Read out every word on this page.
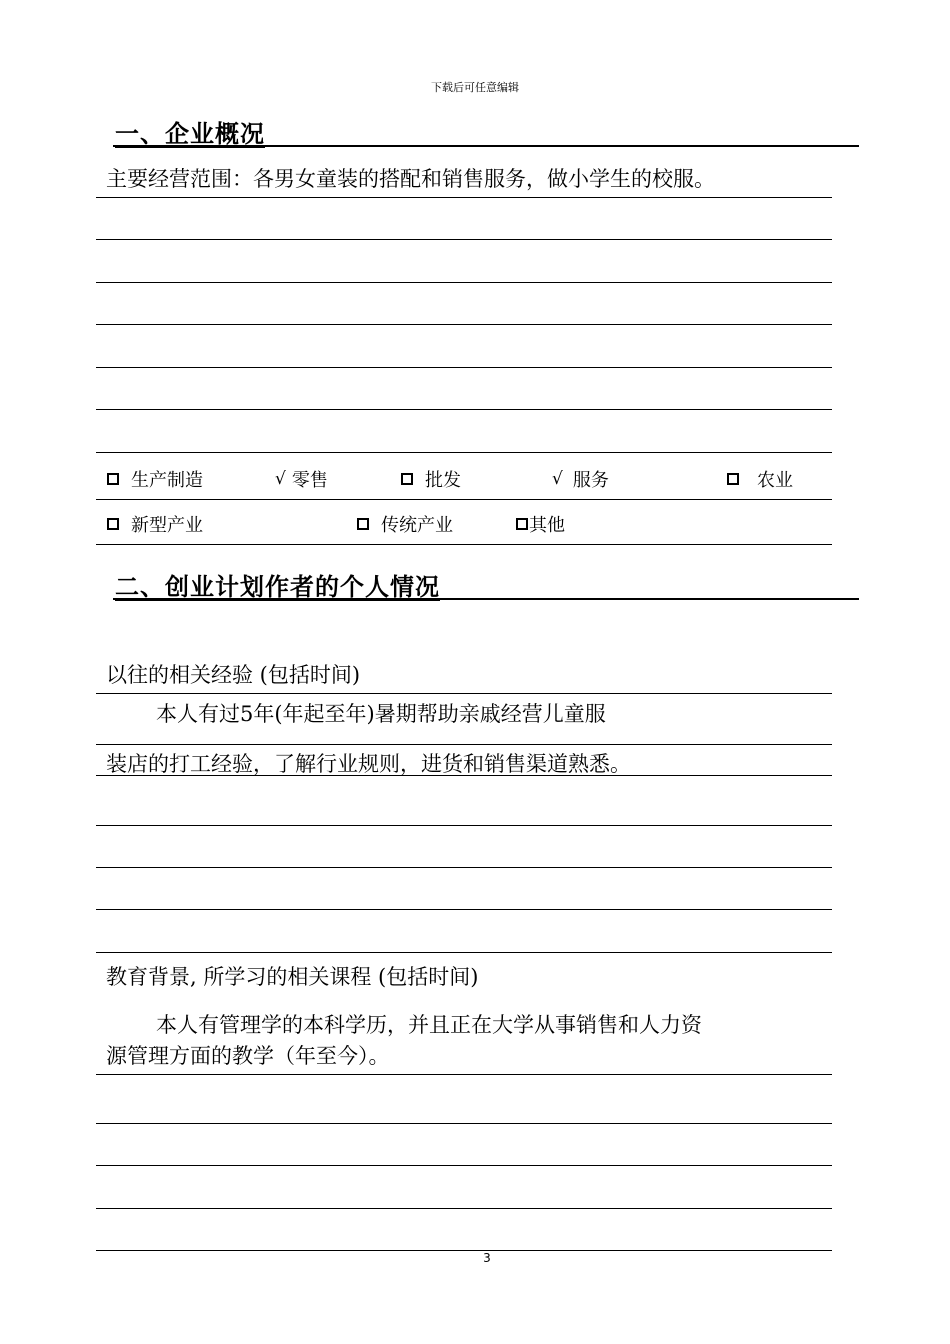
下载后可任意编辑
一、企业概况
主要经营范围：各男女童装的搭配和销售服务，做小学生的校服。
生产制造	√ 零售	批发	√ 服务	农业
新型产业	传统产业	其他
二、创业计划作者的个人情况
以往的相关经验 (包括时间)
本人有过5年(年起至年)暑期帮助亲戚经营儿童服
装店的打工经验，了解行业规则，进货和销售渠道熟悉。
教育背景, 所学习的相关课程 (包括时间)
本人有管理学的本科学历，并且正在大学从事销售和人力资
源管理方面的教学（年至今）。
3
